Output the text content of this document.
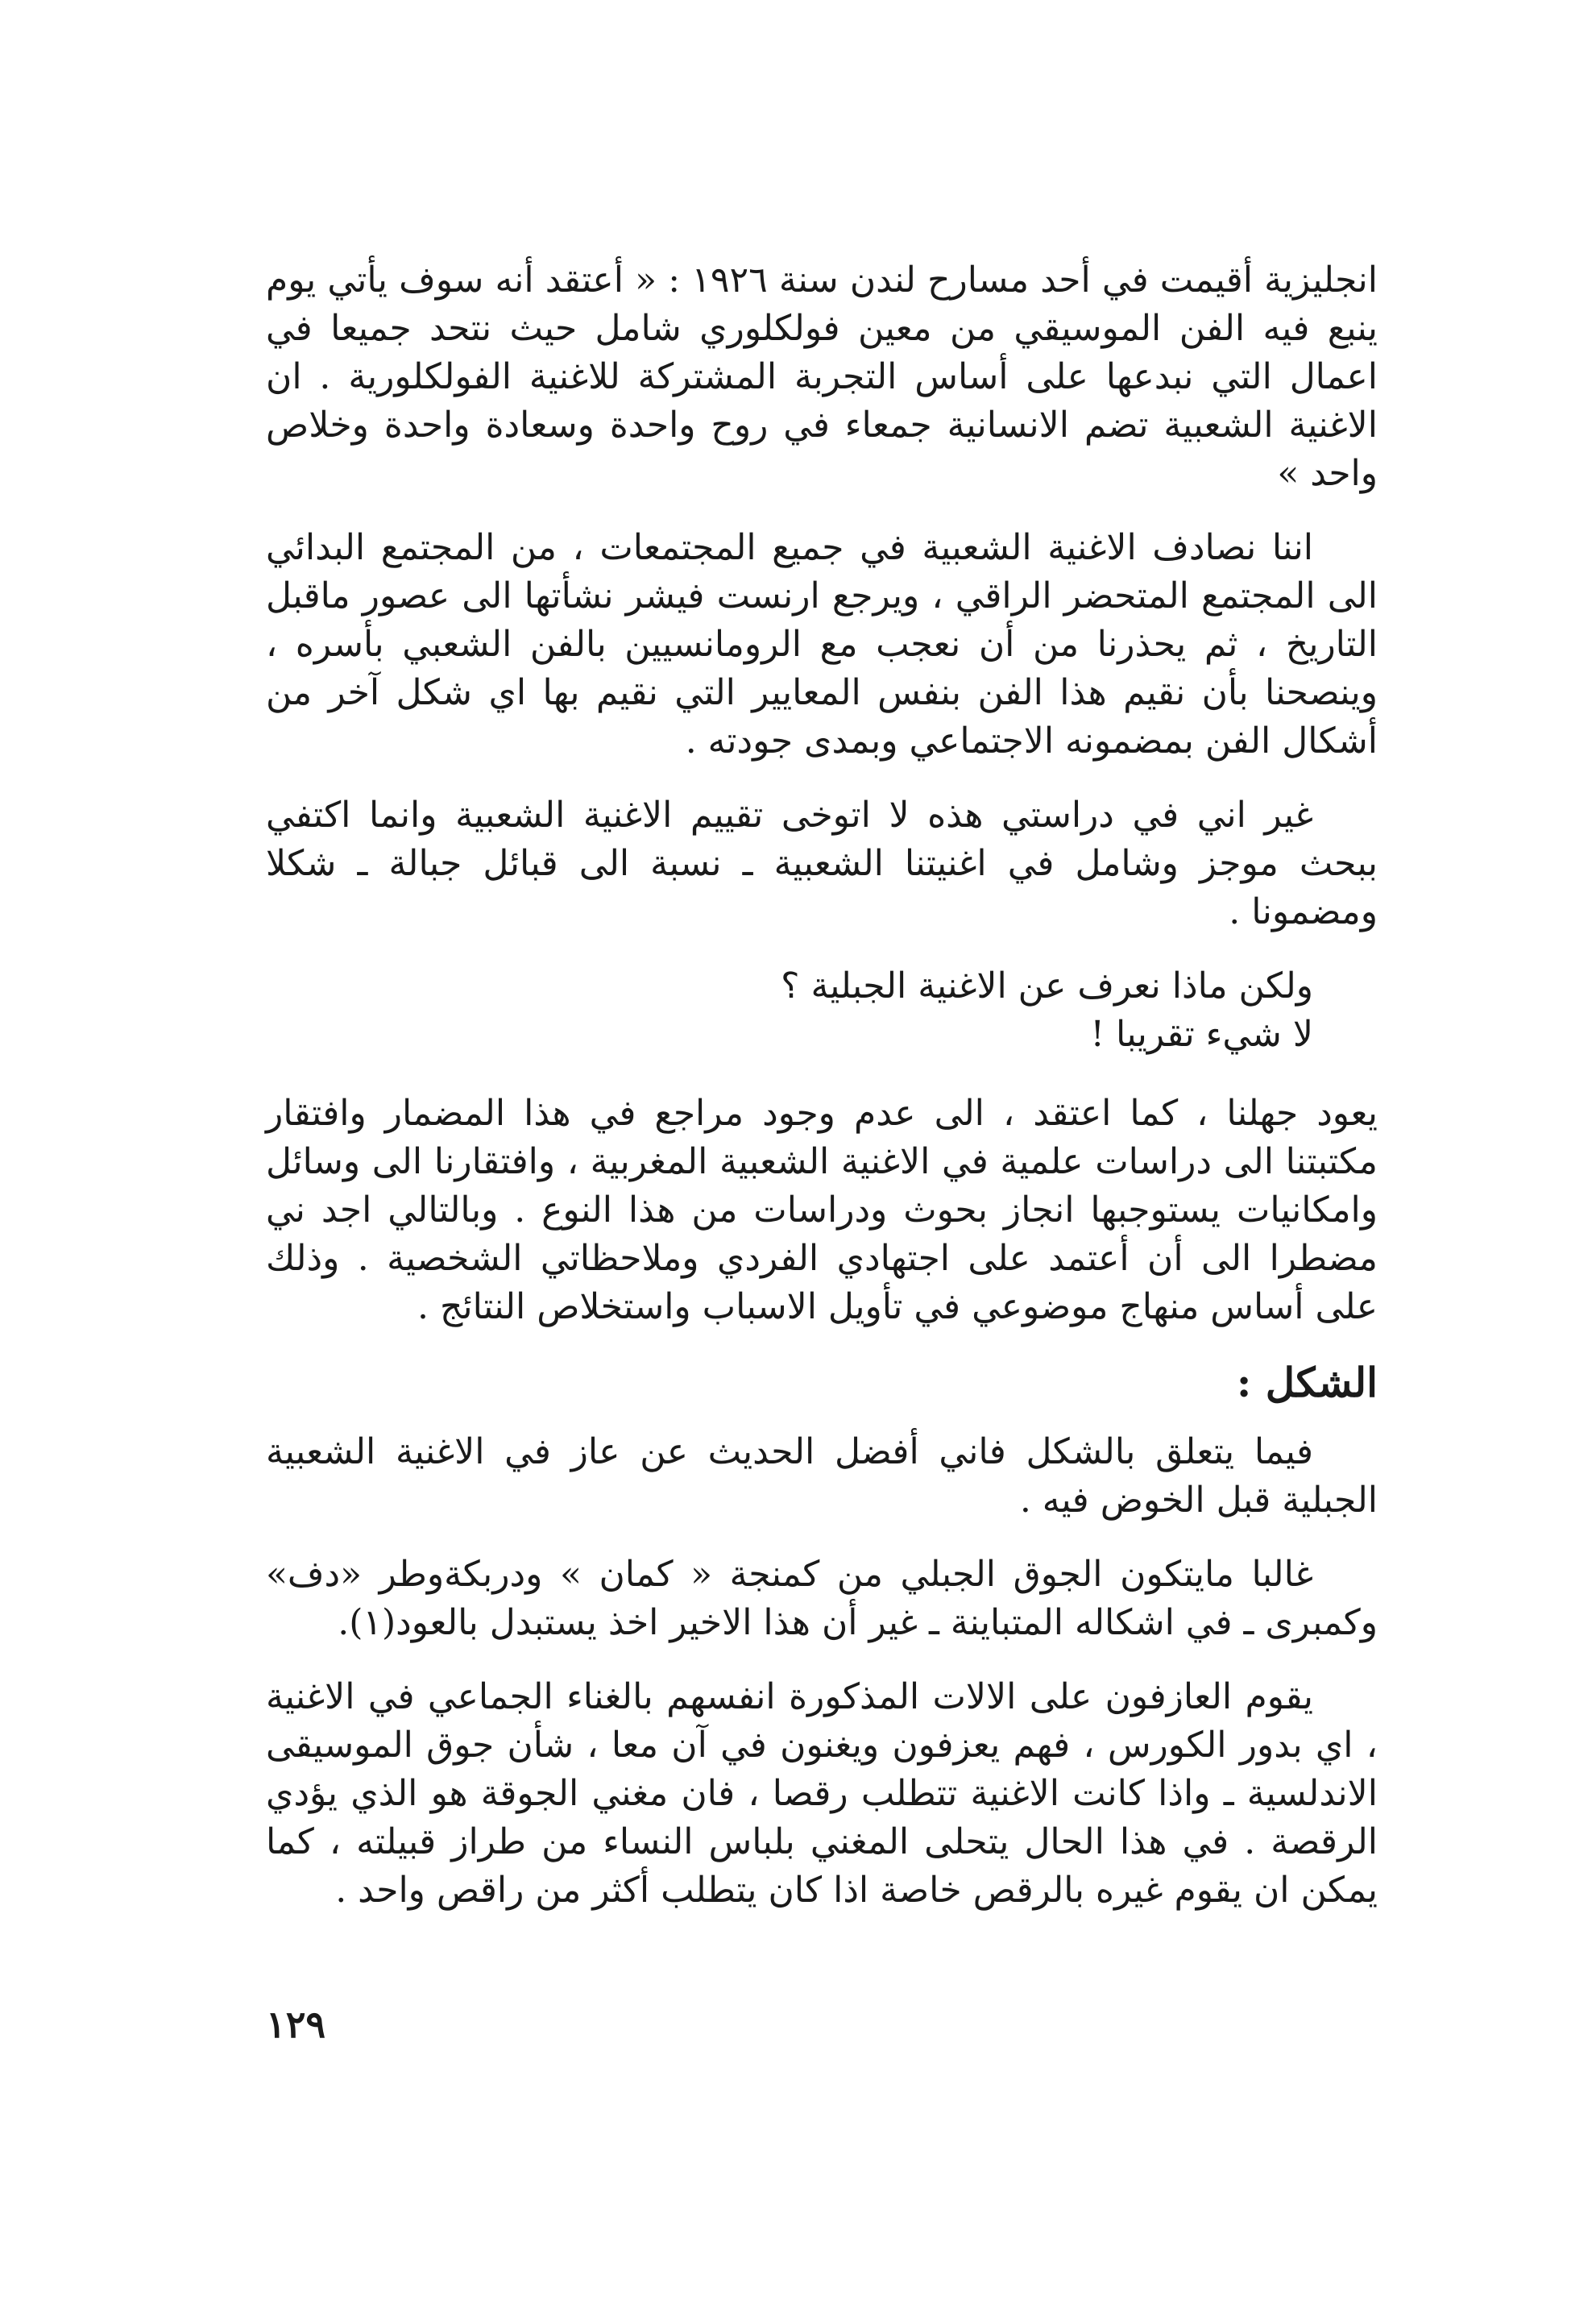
انجليزية أقيمت في أحد مسارح لندن سنة ١٩٢٦ : « أعتقد أنه سوف يأتي يوم ينبع فيه الفن الموسيقي من معين فولكلوري شامل حيث نتحد جميعا في اعمال التي نبدعها على أساس التجربة المشتركة للاغنية الفولكلورية . ان الاغنية الشعبية تضم الانسانية جمعاء في روح واحدة وسعادة واحدة وخلاص واحد »

اننا نصادف الاغنية الشعبية في جميع المجتمعات ، من المجتمع البدائي الى المجتمع المتحضر الراقي ، ويرجع ارنست فيشر نشأتها الى عصور ماقبل التاريخ ، ثم يحذرنا من أن نعجب مع الرومانسيين بالفن الشعبي بأسره ، وينصحنا بأن نقيم هذا الفن بنفس المعايير التي نقيم بها اي شكل آخر من أشكال الفن بمضمونه الاجتماعي وبمدى جودته .

غير اني في دراستي هذه لا اتوخى تقييم الاغنية الشعبية وانما اكتفي ببحث موجز وشامل في اغنيتنا الشعبية ـ نسبة الى قبائل جبالة ـ شكلا ومضمونا .

ولكن ماذا نعرف عن الاغنية الجبلية ؟
لا شيء تقريبا !

يعود جهلنا ، كما اعتقد ، الى عدم وجود مراجع في هذا المضمار وافتقار مكتبتنا الى دراسات علمية في الاغنية الشعبية المغربية ، وافتقارنا الى وسائل وامكانيات يستوجبها انجاز بحوث ودراسات من هذا النوع . وبالتالي اجد ني مضطرا الى أن أعتمد على اجتهادي الفردي وملاحظاتي الشخصية . وذلك على أساس منهاج موضوعي في تأويل الاسباب واستخلاص النتائج .

الشكل :

فيما يتعلق بالشكل فاني أفضل الحديث عن عاز في الاغنية الشعبية الجبلية قبل الخوض فيه .

غالبا مايتكون الجوق الجبلي من كمنجة « كمان » ودربكةوطر «دف» وكمبرى ـ في اشكاله المتباينة ـ غير أن هذا الاخير اخذ يستبدل بالعود(١).

يقوم العازفون على الالات المذكورة انفسهم بالغناء الجماعي في الاغنية ، اي بدور الكورس ، فهم يعزفون ويغنون في آن معا ، شأن جوق الموسيقى الاندلسية ـ واذا كانت الاغنية تتطلب رقصا ، فان مغني الجوقة هو الذي يؤدي الرقصة . في هذا الحال يتحلى المغني بلباس النساء من طراز قبيلته ، كما يمكن ان يقوم غيره بالرقص خاصة اذا كان يتطلب أكثر من راقص واحد .

١٢٩
